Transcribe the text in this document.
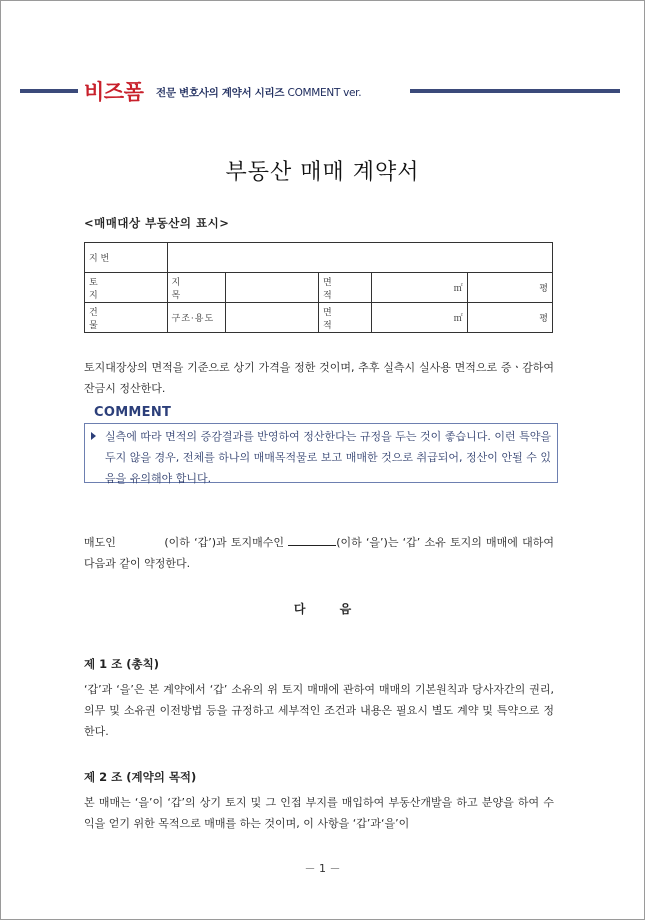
비즈폼 전문 변호사의 계약서 시리즈 COMMENT ver.
부동산 매매 계약서
<매매대상 부동산의 표시>
지 번					

토 지	지 목		면 적	㎡	평

건 물	구조·용도		면 적	㎡	평
토지대장상의 면적을 기준으로 상기 가격을 정한 것이며, 추후 실측시 실사용 면적으로 증ㆍ감하여 잔금시 정산한다.
COMMENT
실측에 따라 면적의 증감결과를 반영하여 정산한다는 규정을 두는 것이 좋습니다. 이런 특약을 두지 않을 경우, 전체를 하나의 매매목적물로 보고 매매한 것으로 취급되어, 정산이 안될 수 있음을 유의해야 합니다.
매도인	(이하 ‘갑’)과 토지매수인	(이하 ‘을’)는 ‘갑’ 소유 토지의 매매에 대하여 다음과 같이 약정한다.
다 음
제 1 조 (총칙)
‘갑’과 ‘을’은 본 계약에서 ‘갑’ 소유의 위 토지 매매에 관하여 매매의 기본원칙과 당사자간의 권리, 의무 및 소유권 이전방법 등을 규정하고 세부적인 조건과 내용은 필요시 별도 계약 및 특약으로 정한다.
제 2 조 (계약의 목적)
본 매매는 ‘을’이 ‘갑’의 상기 토지 및 그 인접 부지를 매입하여 부동산개발을 하고 분양을 하여 수익을 얻기 위한 목적으로 매매를 하는 것이며, 이 사항을 ‘갑’과‘을’이
－ 1 －
